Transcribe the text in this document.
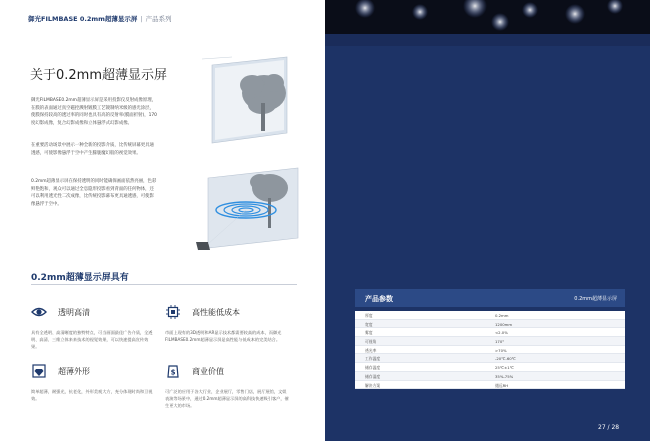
御光FILMBASE 0.2mm超薄显示屏 | 产品系列
关于0.2mm超薄显示屏
御光FILMBASE0.2mm超薄显示屏是采用投影仪反射成像原理，在膜的表面通过真空磁控溅射镀膜工艺镀制纳米级的感光涂层，使膜保持较高的透过率的同时也具有高的反射率(膜面折射)，170度幻影成像，复合幻影成像和立体悬浮式幻影成像。
在重要活动场景中展示一种全新的投影介质，比传统屏幕更具通透感，可使影像悬浮于空中产生朦胧魔幻般的视觉效果。
0.2mm超薄显示屏在保持透明的同时能确保画面依然亮丽，色彩鲜艳饱和，观众可以通过全息隐形投影看到背面的任何物体，还可以利用透光性二次成像，比传统投影幕布更具通透感，可使影像悬浮于空中。
0.2mm超薄显示屏具有
透明高清
具有全透明、高清晰度的独特特点，可当画面最佳广告介质，全透明、高清、三维立体来来技术的视觉效果，可以快速提高宣传效果。
高性能低成本
市面上现有的3D透明和AR显示技术都需要较高的成本，而御光FILMBASE0.2mm超薄显示屏是高性能与低成本的完美结合。
超薄外形
简单超薄，耐强光，抗老化，外形美观大方，充分体现时尚和卫视效。
$ 商业价值
可广泛的应用于各大行业，企业展厅，零售门店，展厅展馆，文娱表演等场景中，通过0.2mm超薄显示屏的高科技快速吸引客户，催生更大的市场。
产品参数	0.2mm超薄显示屏
厚度	0.2mm
宽度	1200mm
雾度	<2.0%
可视角	170°
透光率	>70%
工作温度	-20℃-60℃
储存温度	25℃±1℃
储存湿度	35%-75%
解决方案	遇远RH
27 / 28
